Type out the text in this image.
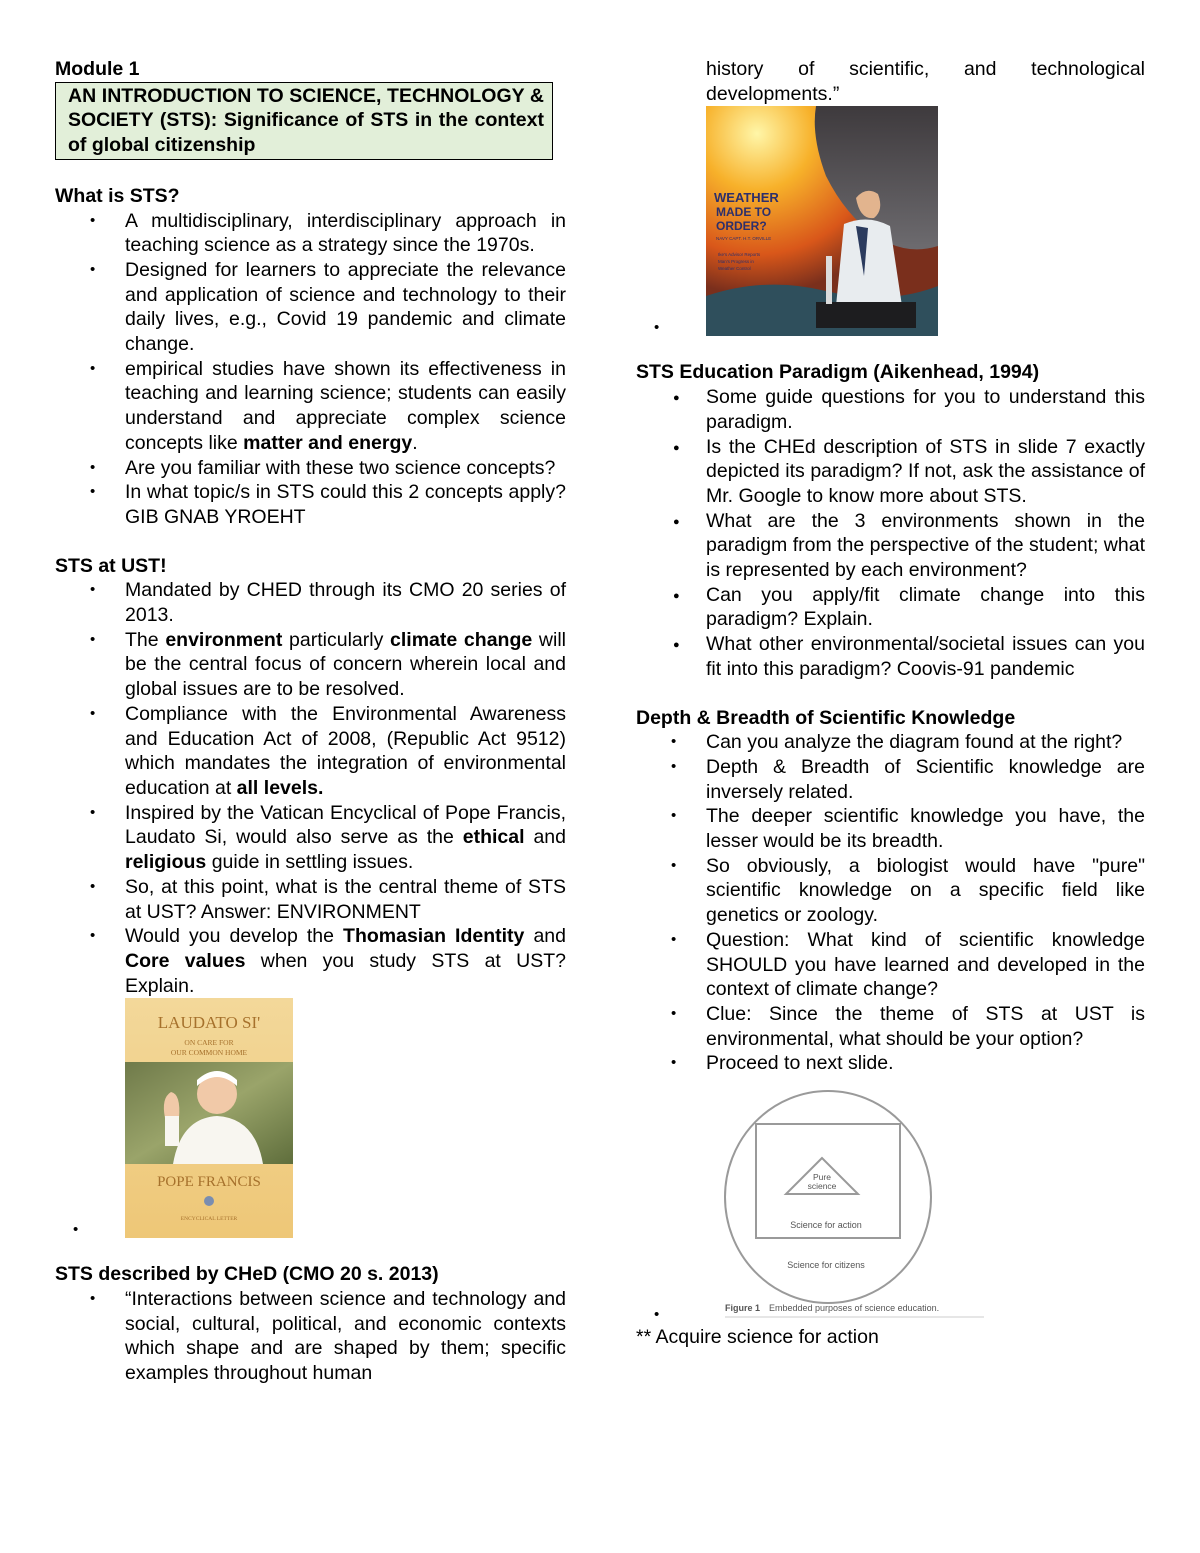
Module 1

AN INTRODUCTION TO SCIENCE, TECHNOLOGY & SOCIETY (STS): Significance of STS in the context of global citizenship

What is STS?

• A multidisciplinary, interdisciplinary approach in teaching science as a strategy since the 1970s.
• Designed for learners to appreciate the relevance and application of science and technology to their daily lives, e.g., Covid 19 pandemic and climate change.
• empirical studies have shown its effectiveness in teaching and learning science; students can easily understand and appreciate complex science concepts like matter and energy.
• Are you familiar with these two science concepts?
• In what topic/s in STS could this 2 concepts apply? GIB GNAB YROEHT

STS at UST!

• Mandated by CHED through its CMO 20 series of 2013.
• The environment particularly climate change will be the central focus of concern wherein local and global issues are to be resolved.
• Compliance with the Environmental Awareness and Education Act of 2008, (Republic Act 9512) which mandates the integration of environmental education at all levels.
• Inspired by the Vatican Encyclical of Pope Francis, Laudato Si, would also serve as the ethical and religious guide in settling issues.
• So, at this point, what is the central theme of STS at UST? Answer: ENVIRONMENT
• Would you develop the Thomasian Identity and Core values when you study STS at UST? Explain.
• LAUDATO SI'
ON CARE FOR
OUR COMMON HOME
POPE FRANCIS
ENCYCLICAL LETTER

STS described by CHeD (CMO 20 s. 2013)

• “Interactions between science and technology and social, cultural, political, and economic contexts which shape and are shaped by them; specific examples throughout human

history of scientific, and technological developments.”

• WEATHER
MADE TO
ORDER?
NAVY CAPT. H.T. ORVILLE
Ike's Advisor Reports
Man's Progress in
Weather Control

STS Education Paradigm (Aikenhead, 1994)

● Some guide questions for you to understand this paradigm.
● Is the CHEd description of STS in slide 7 exactly depicted its paradigm? If not, ask the assistance of Mr. Google to know more about STS.
● What are the 3 environments shown in the paradigm from the perspective of the student; what is represented by each environment?
● Can you apply/fit climate change into this paradigm? Explain.
● What other environmental/societal issues can you fit into this paradigm? Coovis-91 pandemic

Depth & Breadth of Scientific Knowledge

• Can you analyze the diagram found at the right?
• Depth & Breadth of Scientific knowledge are inversely related.
• The deeper scientific knowledge you have, the lesser would be its breadth.
• So obviously, a biologist would have "pure" scientific knowledge on a specific field like genetics or zoology.
• Question: What kind of scientific knowledge SHOULD you have learned and developed in the context of climate change?
• Clue: Since the theme of STS at UST is environmental, what should be your option?
• Proceed to next slide.
• Pure
science
Science for action
Science for citizens
Figure 1 Embedded purposes of science education.

** Acquire science for action
